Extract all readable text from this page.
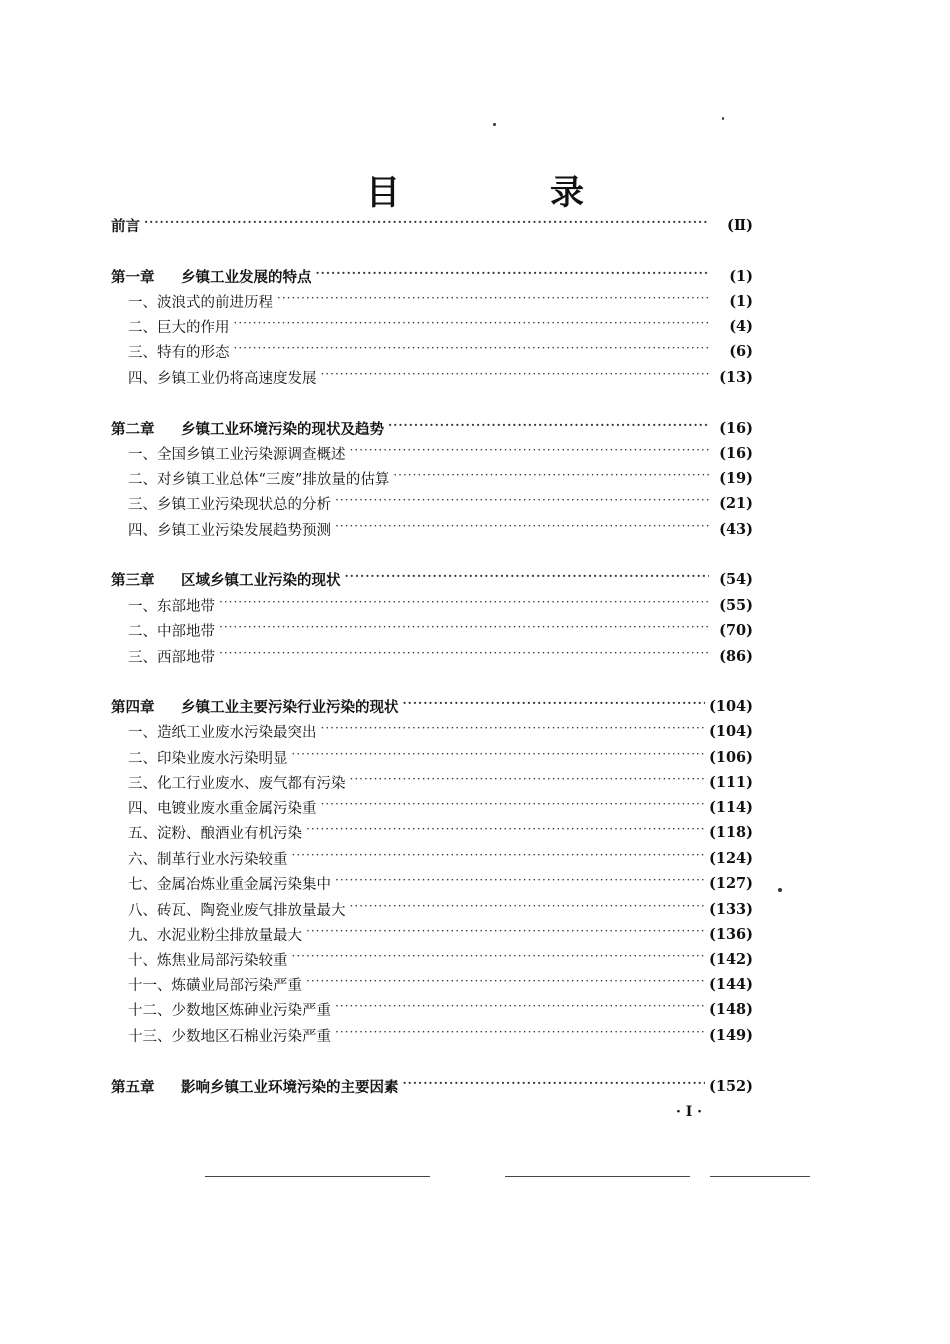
目　录
前言 ·····	(Ⅱ)
第一章	乡镇工业发展的特点 ·····	(1)
一、波浪式的前进历程 ·····	(1)
二、巨大的作用 ·····	(4)
三、特有的形态 ·····	(6)
四、乡镇工业仍将高速度发展 ·····	(13)
第二章	乡镇工业环境污染的现状及趋势 ·····	(16)
一、全国乡镇工业污染源调查概述 ·····	(16)
二、对乡镇工业总体“三废”排放量的估算 ·····	(19)
三、乡镇工业污染现状总的分析 ·····	(21)
四、乡镇工业污染发展趋势预测 ·····	(43)
第三章	区域乡镇工业污染的现状 ·····	(54)
一、东部地带 ·····	(55)
二、中部地带 ·····	(70)
三、西部地带 ·····	(86)
第四章	乡镇工业主要污染行业污染的现状 ·····	(104)
一、造纸工业废水污染最突出 ·····	(104)
二、印染业废水污染明显 ·····	(106)
三、化工行业废水、废气都有污染 ·····	(111)
四、电镀业废水重金属污染重 ·····	(114)
五、淀粉、酿酒业有机污染 ·····	(118)
六、制革行业水污染较重 ·····	(124)
七、金属冶炼业重金属污染集中 ·····	(127)
八、砖瓦、陶瓷业废气排放量最大 ·····	(133)
九、水泥业粉尘排放量最大 ·····	(136)
十、炼焦业局部污染较重 ·····	(142)
十一、炼磺业局部污染严重 ·····	(144)
十二、少数地区炼砷业污染严重 ·····	(148)
十三、少数地区石棉业污染严重 ·····	(149)
第五章	影响乡镇工业环境污染的主要因素 ·····	(152)
· I ·
